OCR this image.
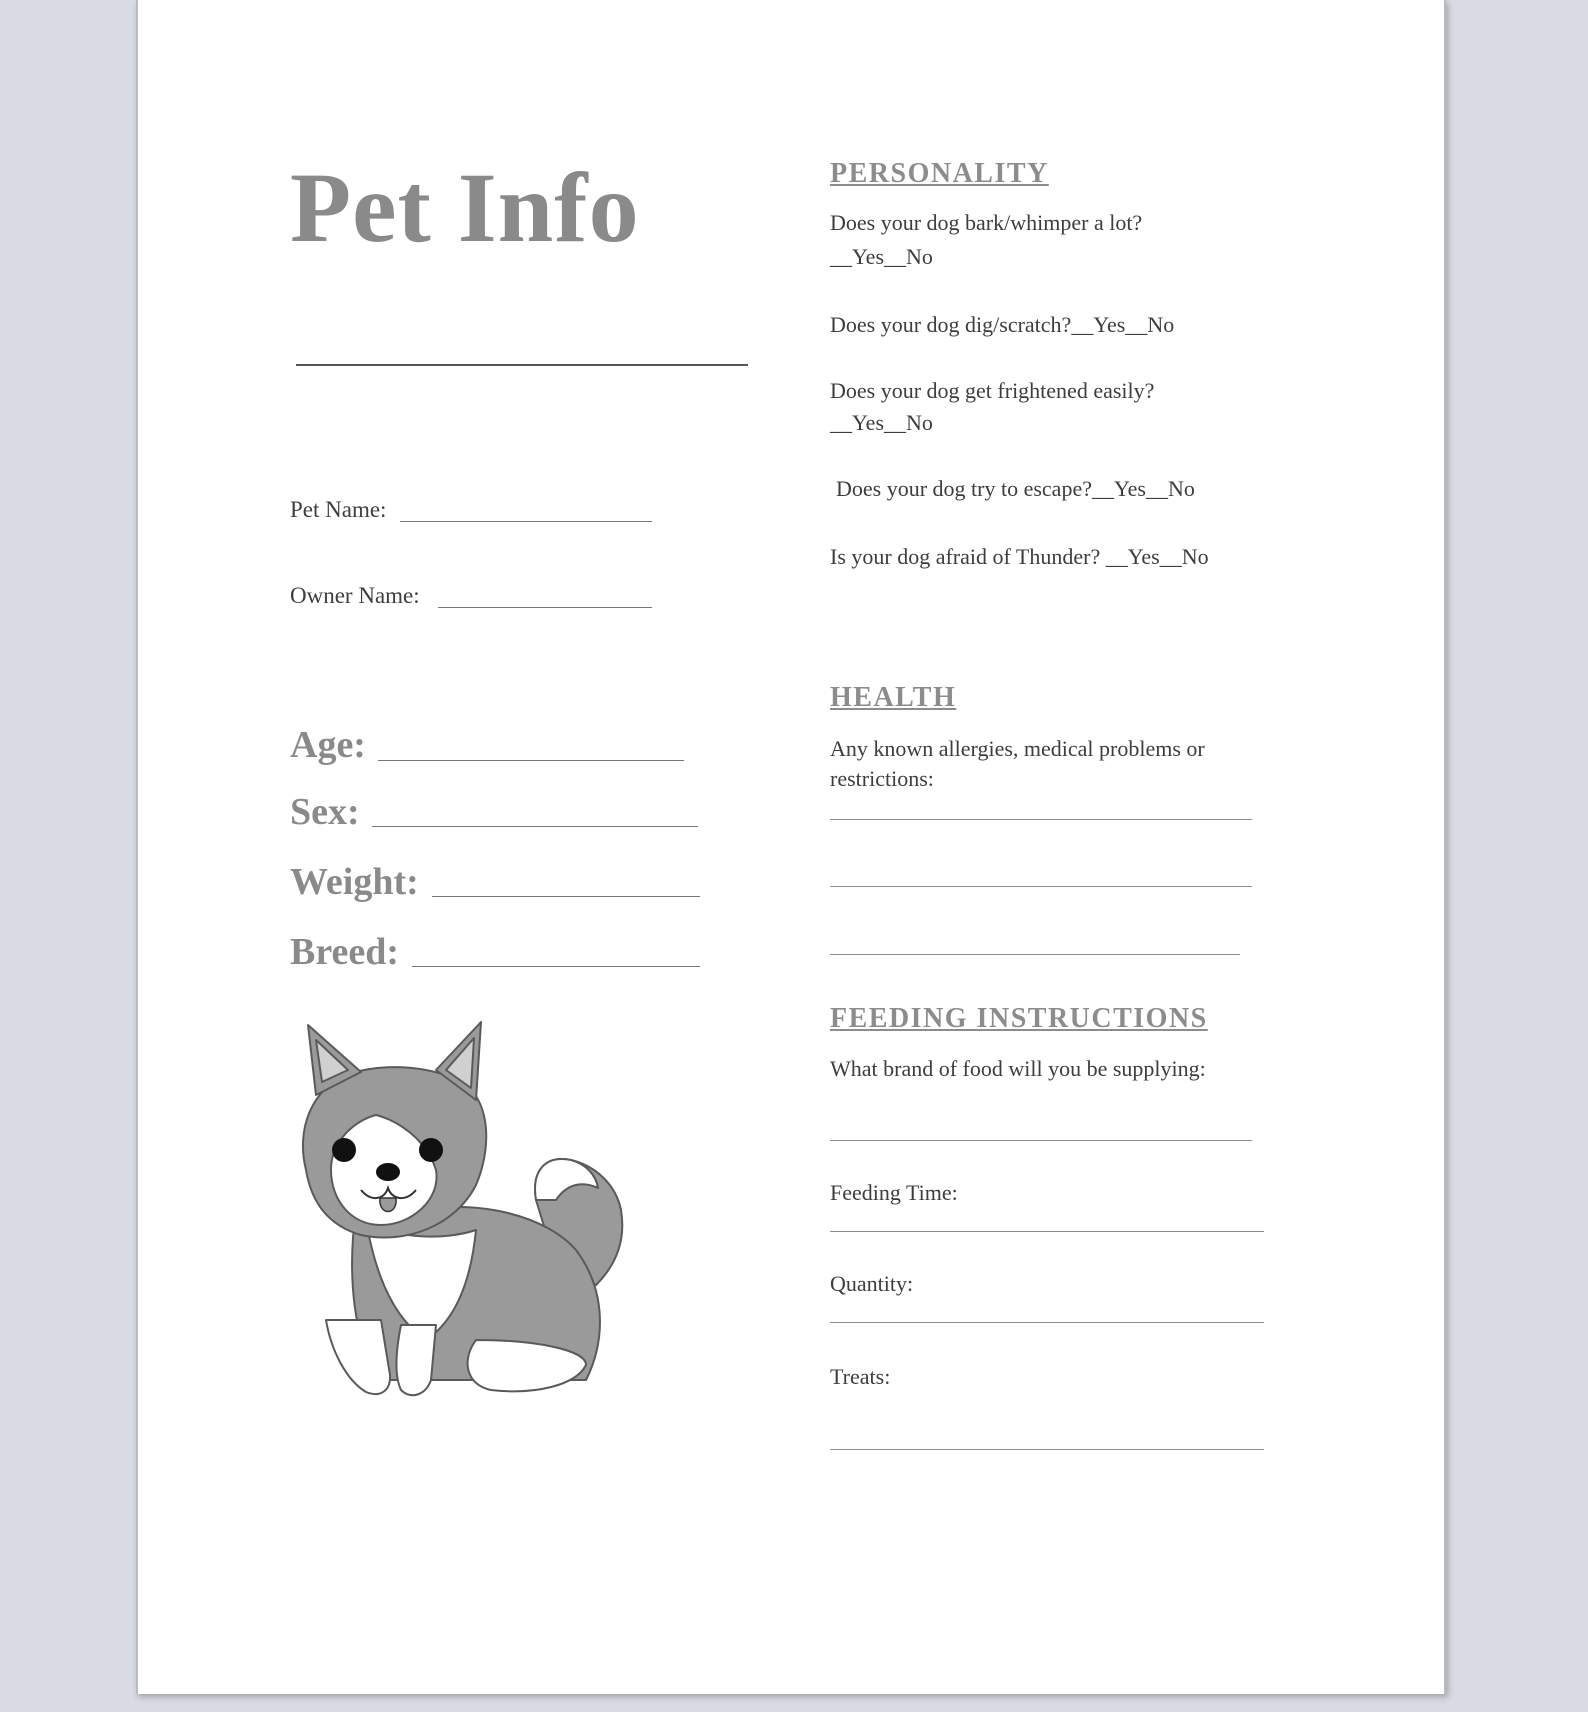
Pet Info
Pet Name:
Owner Name:
Age:
Sex:
Weight:
Breed:
PERSONALITY
Does your dog bark/whimper a lot?
__Yes__No
Does your dog dig/scratch?__Yes__No
Does your dog get frightened easily?
__Yes__No
Does your dog try to escape?__Yes__No
Is your dog afraid of Thunder? __Yes__No
HEALTH
Any known allergies, medical problems or
restrictions:
FEEDING INSTRUCTIONS
What brand of food will you be supplying:
Feeding Time:
Quantity:
Treats:
